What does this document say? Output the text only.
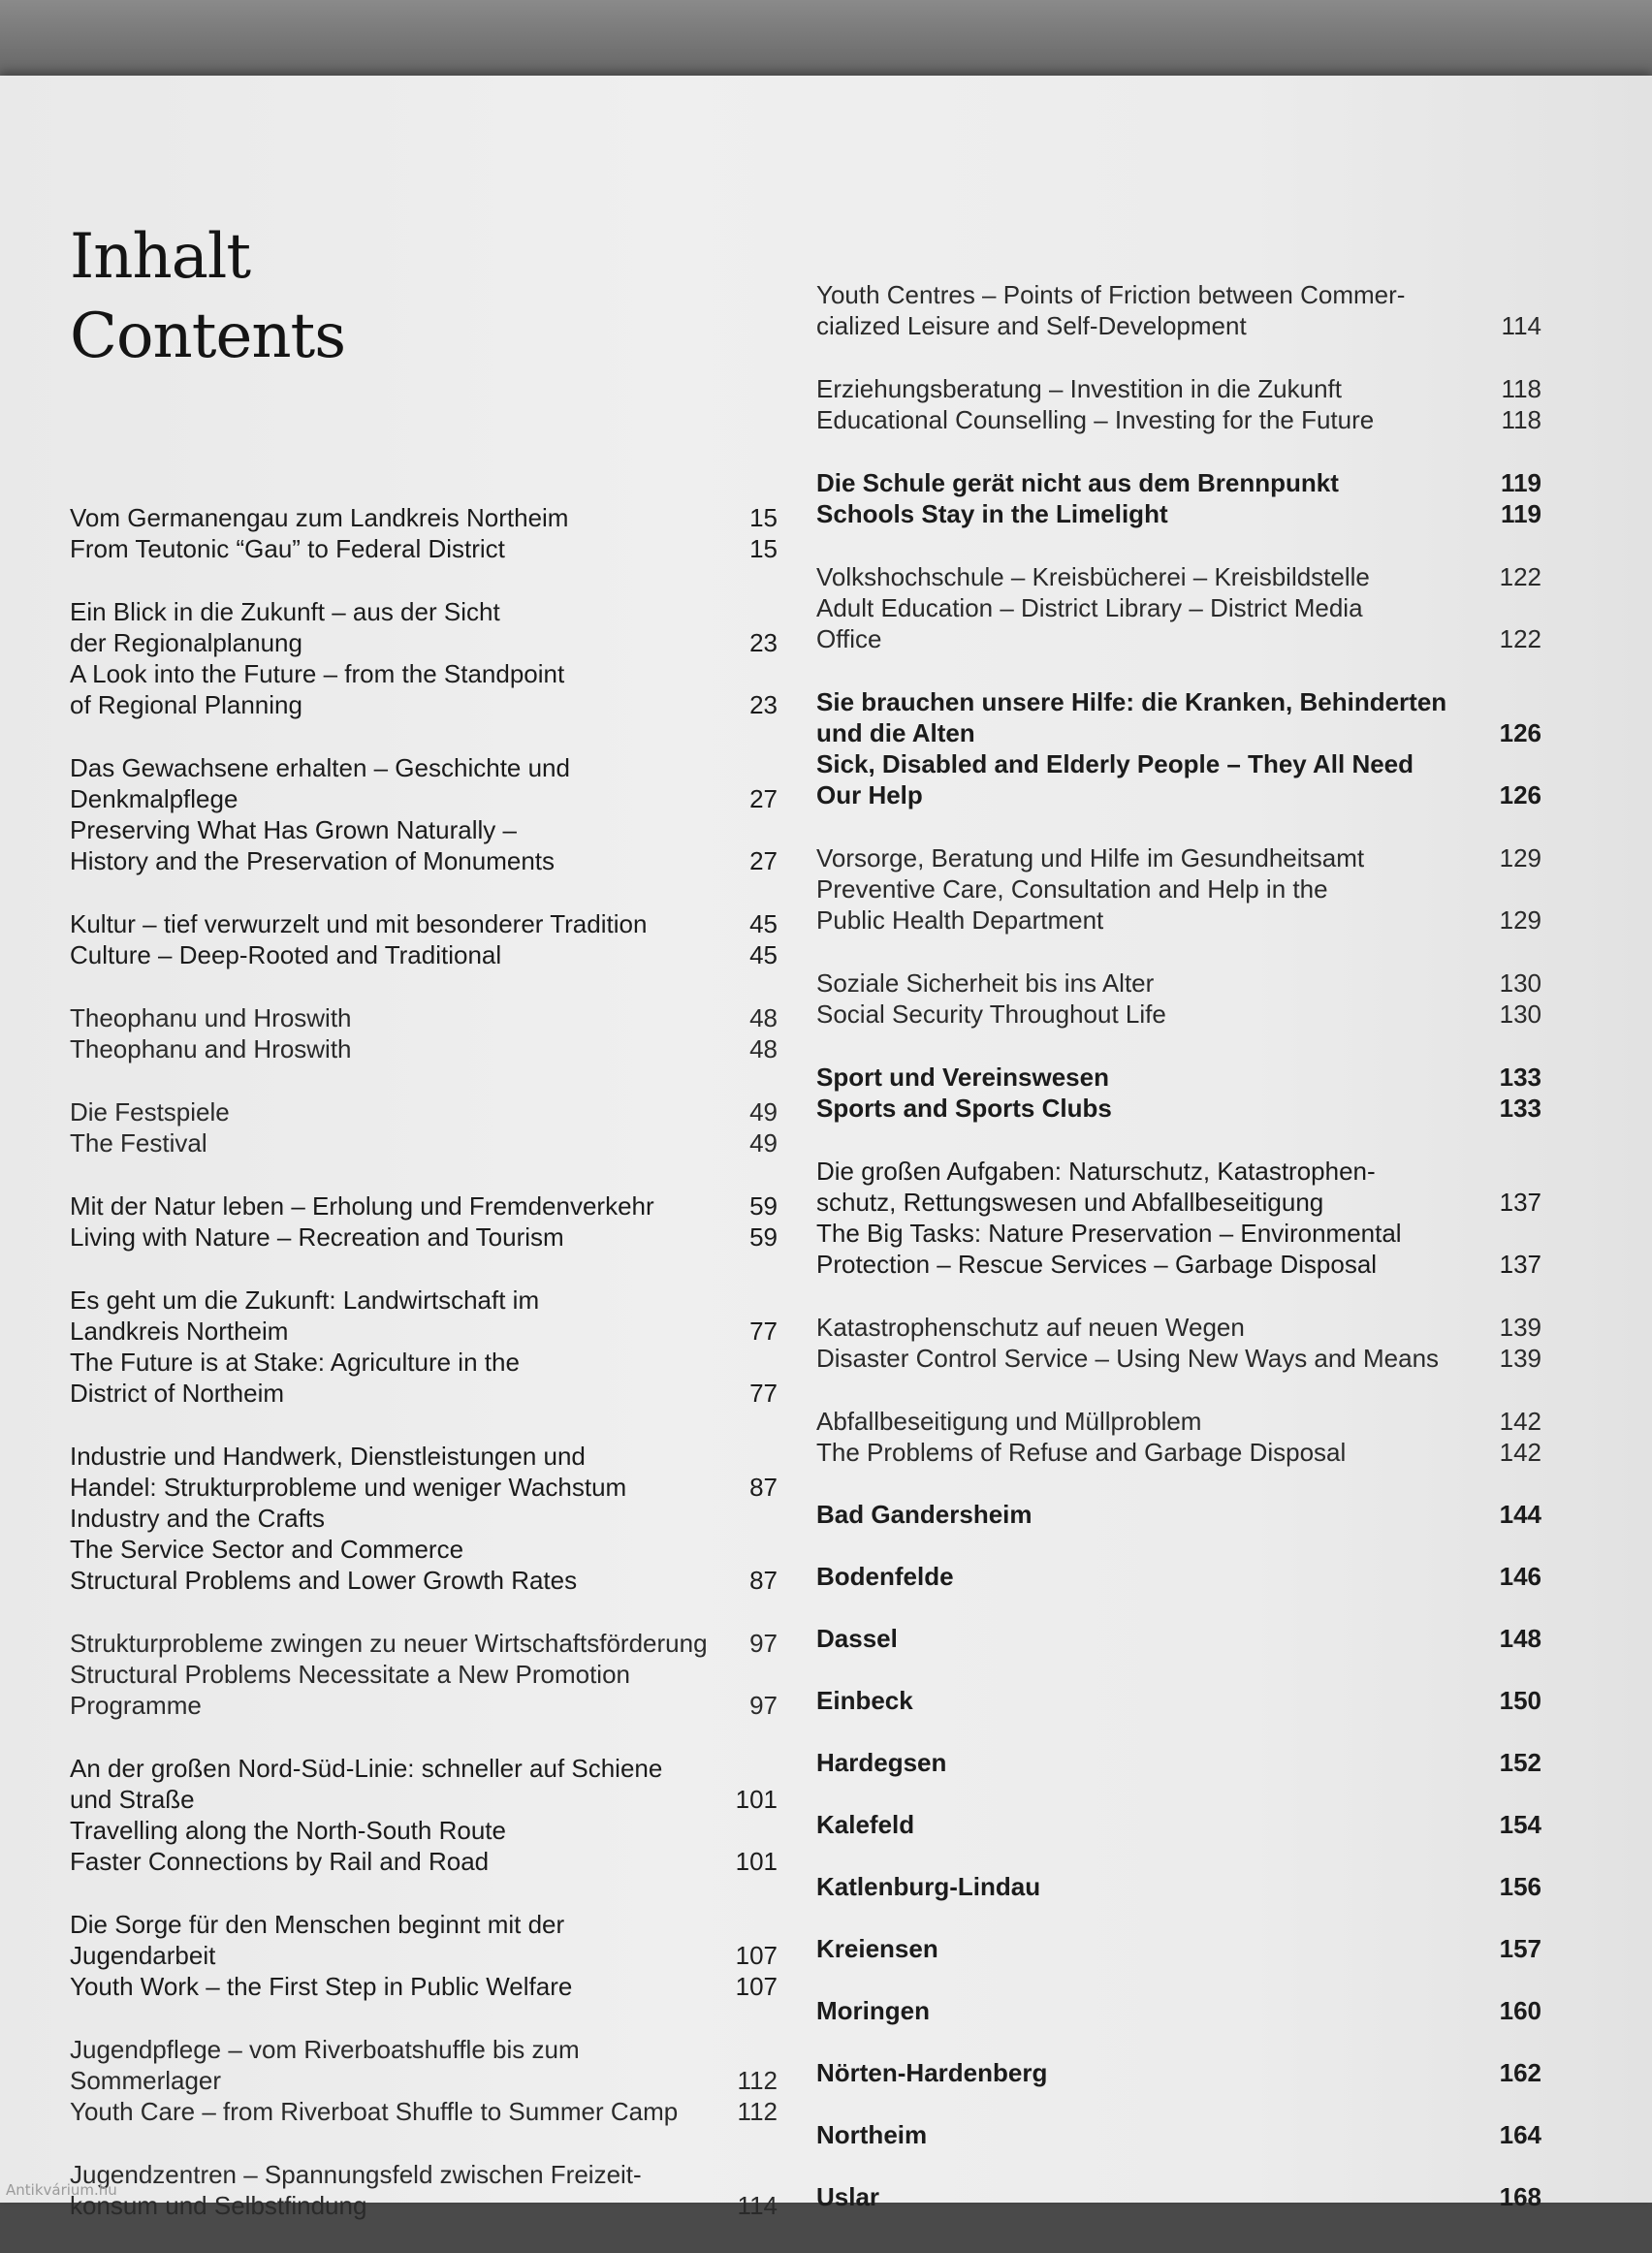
Inhalt
Contents
Vom Germanengau zum Landkreis Northeim	15
From Teutonic “Gau” to Federal District	15
Ein Blick in die Zukunft – aus der Sicht
der Regionalplanung	23
A Look into the Future – from the Standpoint
of Regional Planning	23
Das Gewachsene erhalten – Geschichte und
Denkmalpflege	27
Preserving What Has Grown Naturally –
History and the Preservation of Monuments	27
Kultur – tief verwurzelt und mit besonderer Tradition	45
Culture – Deep-Rooted and Traditional	45
Theophanu und Hroswith	48
Theophanu and Hroswith	48
Die Festspiele	49
The Festival	49
Mit der Natur leben – Erholung und Fremdenverkehr	59
Living with Nature – Recreation and Tourism	59
Es geht um die Zukunft: Landwirtschaft im
Landkreis Northeim	77
The Future is at Stake: Agriculture in the
District of Northeim	77
Industrie und Handwerk, Dienstleistungen und
Handel: Strukturprobleme und weniger Wachstum	87
Industry and the Crafts
The Service Sector and Commerce
Structural Problems and Lower Growth Rates	87
Strukturprobleme zwingen zu neuer Wirtschaftsförderung 97
Structural Problems Necessitate a New Promotion
Programme	97
An der großen Nord-Süd-Linie: schneller auf Schiene
und Straße	101
Travelling along the North-South Route
Faster Connections by Rail and Road	101
Die Sorge für den Menschen beginnt mit der
Jugendarbeit	107
Youth Work – the First Step in Public Welfare	107
Jugendpflege – vom Riverboatshuffle bis zum
Sommerlager	112
Youth Care – from Riverboat Shuffle to Summer Camp 112
Jugendzentren – Spannungsfeld zwischen Freizeit-
konsum und Selbstfindung	114
Youth Centres – Points of Friction between Commer-
cialized Leisure and Self-Development	114
Erziehungsberatung – Investition in die Zukunft	118
Educational Counselling – Investing for the Future	118
Die Schule gerät nicht aus dem Brennpunkt	119
Schools Stay in the Limelight	119
Volkshochschule – Kreisbücherei – Kreisbildstelle	122
Adult Education – District Library – District Media
Office	122
Sie brauchen unsere Hilfe: die Kranken, Behinderten
und die Alten	126
Sick, Disabled and Elderly People – They All Need
Our Help	126
Vorsorge, Beratung und Hilfe im Gesundheitsamt	129
Preventive Care, Consultation and Help in the
Public Health Department	129
Soziale Sicherheit bis ins Alter	130
Social Security Throughout Life	130
Sport und Vereinswesen	133
Sports and Sports Clubs	133
Die großen Aufgaben: Naturschutz, Katastrophen-
schutz, Rettungswesen und Abfallbeseitigung	137
The Big Tasks: Nature Preservation – Environmental
Protection – Rescue Services – Garbage Disposal	137
Katastrophenschutz auf neuen Wegen	139
Disaster Control Service – Using New Ways and Means 139
Abfallbeseitigung und Müllproblem	142
The Problems of Refuse and Garbage Disposal	142
Bad Gandersheim	144
Bodenfelde	146
Dassel	148
Einbeck	150
Hardegsen	152
Kalefeld	154
Katlenburg-Lindau	156
Kreiensen	157
Moringen	160
Nörten-Hardenberg	162
Northeim	164
Uslar	168
Antikvárium.hu
